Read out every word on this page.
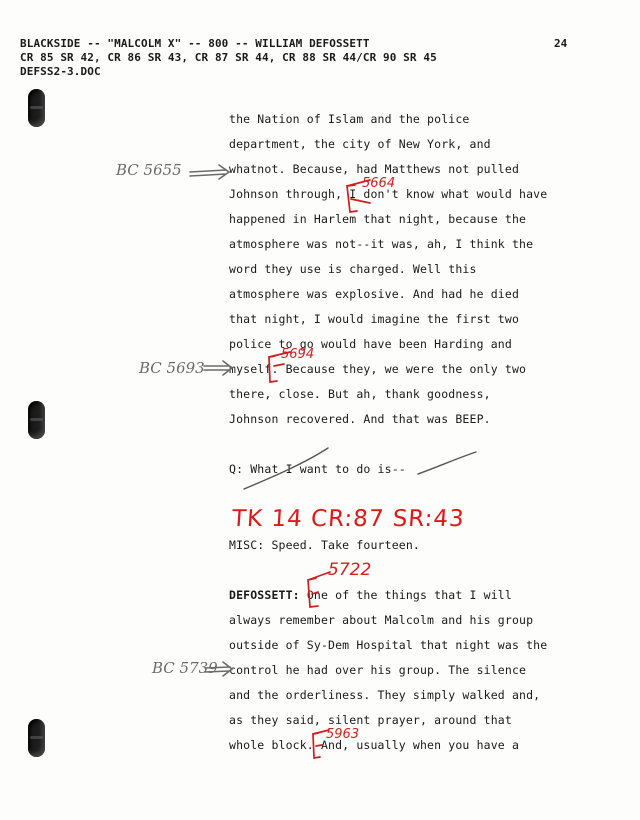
BLACKSIDE -- "MALCOLM X" -- 800 -- WILLIAM DEFOSSETT
CR 85 SR 42, CR 86 SR 43, CR 87 SR 44, CR 88 SR 44/CR 90 SR 45
DEFSS2-3.DOC
24
the Nation of Islam and the police
department, the city of New York, and
whatnot. Because, had Matthews not pulled
Johnson through, I don't know what would have
happened in Harlem that night, because the
atmosphere was not--it was, ah, I think the
word they use is charged. Well this
atmosphere was explosive. And had he died
that night, I would imagine the first two
police to go would have been Harding and
myself. Because they, we were the only two
there, close. But ah, thank goodness,
Johnson recovered. And that was BEEP.
Q: What I want to do is--
MISC: Speed. Take fourteen.
DEFOSSETT: One of the things that I will
always remember about Malcolm and his group
outside of Sy-Dem Hospital that night was the
control he had over his group. The silence
and the orderliness. They simply walked and,
as they said, silent prayer, around that
whole block. And, usually when you have a
BC 5655
BC 5693
BC 5739
5664
5694
5722
5963
TK 14 CR:87 SR:43
